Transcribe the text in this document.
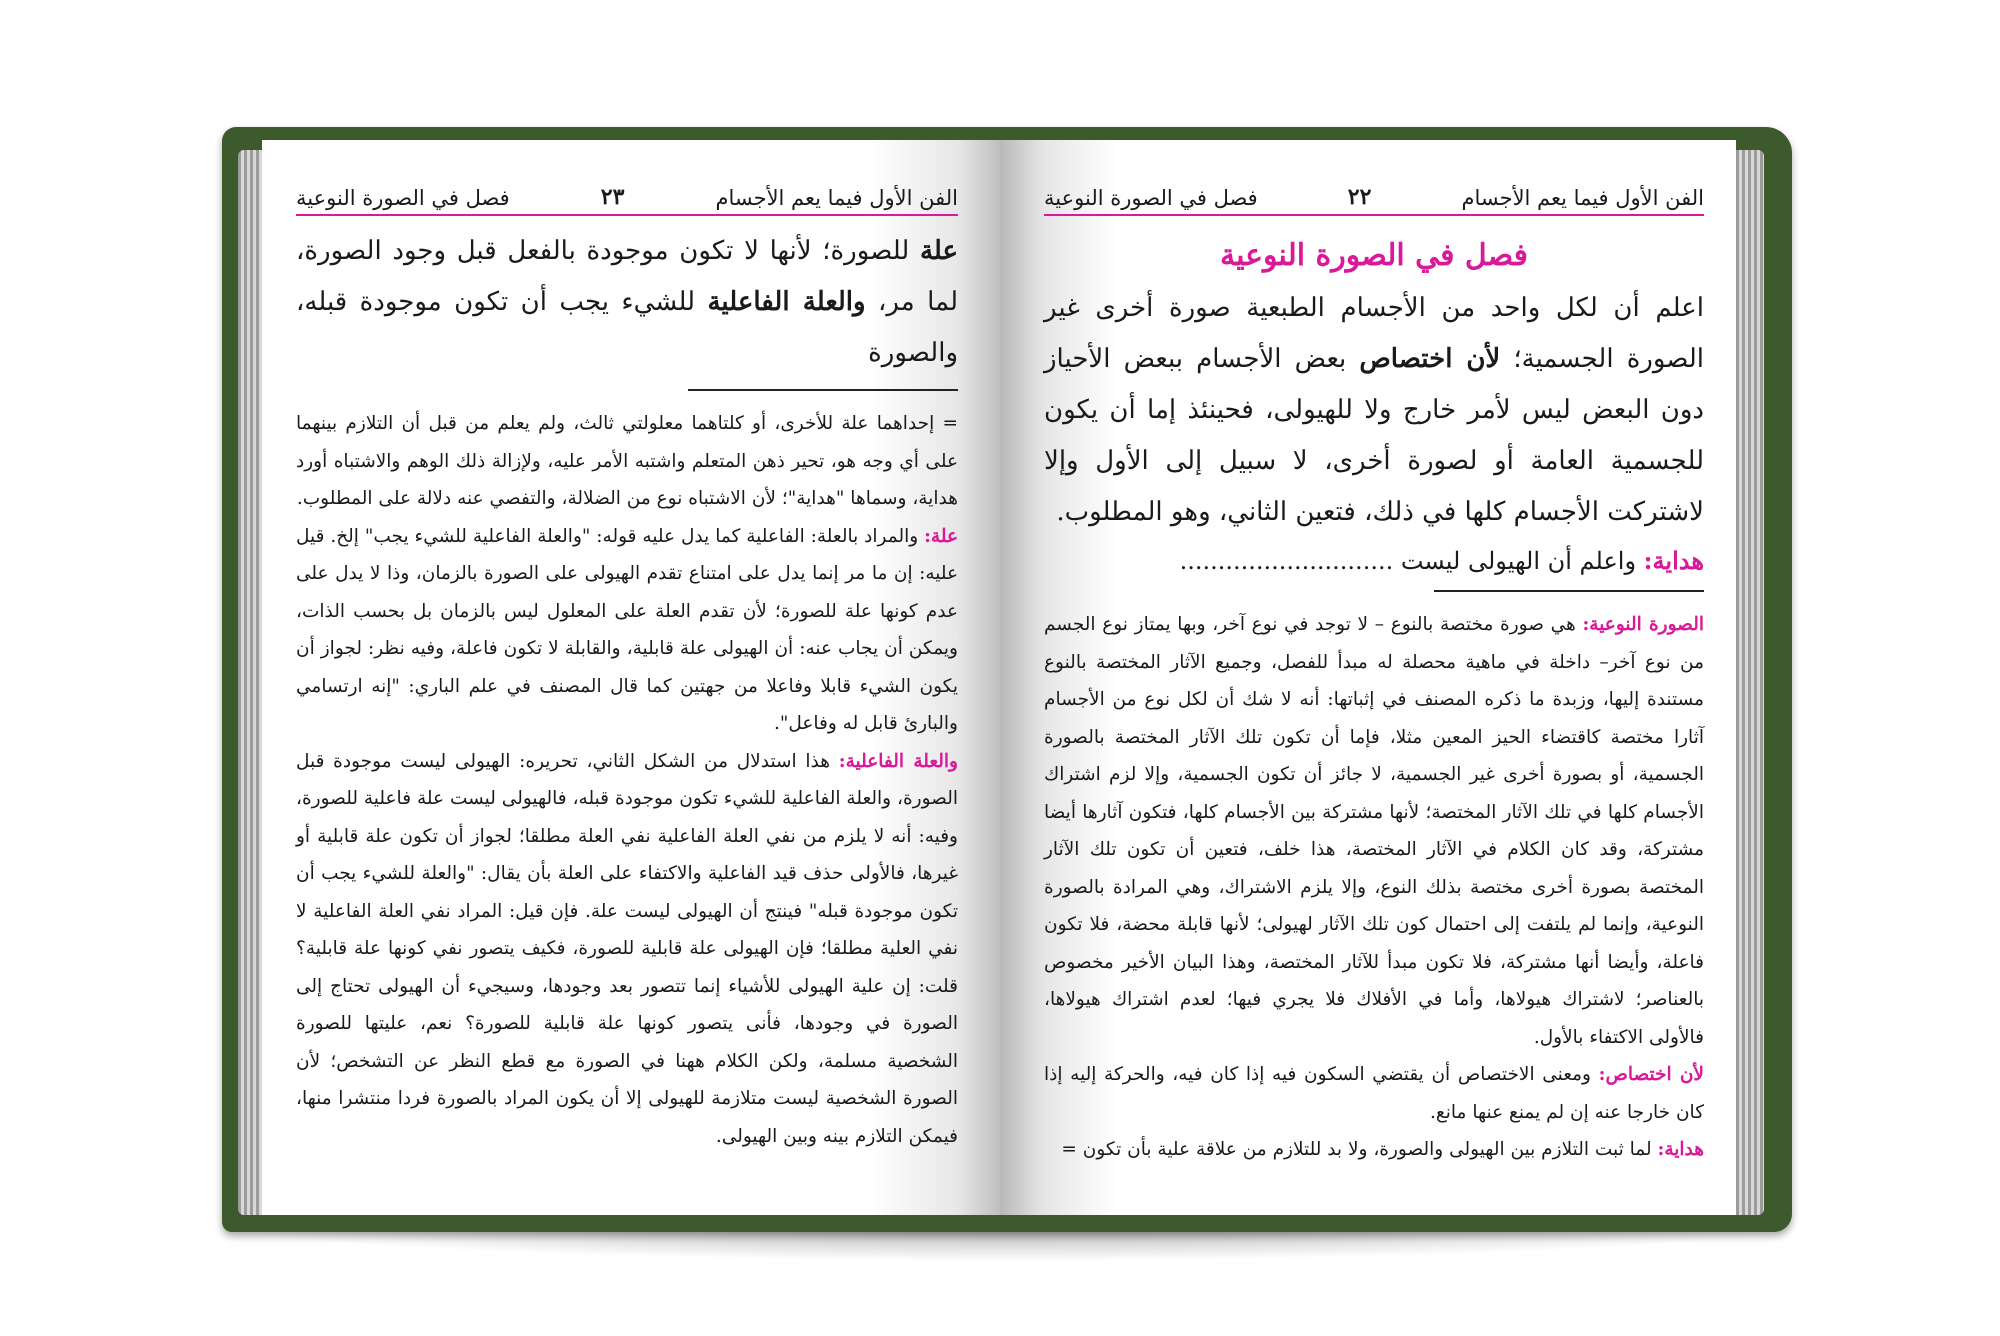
الفن الأول فيما يعم الأجسام
٢٣
فصل في الصورة النوعية
علة للصورة؛ لأنها لا تكون موجودة بالفعل قبل وجود الصورة، لما مر، والعلة الفاعلية للشيء يجب أن تكون موجودة قبله، والصورة

= إحداهما علة للأخرى، أو كلتاهما معلولتي ثالث، ولم يعلم من قبل أن التلازم بينهما على أي وجه هو، تحير ذهن المتعلم واشتبه الأمر عليه، ولإزالة ذلك الوهم والاشتباه أورد هداية، وسماها "هداية"؛ لأن الاشتباه نوع من الضلالة، والتفصي عنه دلالة على المطلوب.

علة: والمراد بالعلة: الفاعلية كما يدل عليه قوله: "والعلة الفاعلية للشيء يجب" إلخ. قيل عليه: إن ما مر إنما يدل على امتناع تقدم الهيولى على الصورة بالزمان، وذا لا يدل على عدم كونها علة للصورة؛ لأن تقدم العلة على المعلول ليس بالزمان بل بحسب الذات، ويمكن أن يجاب عنه: أن الهيولى علة قابلية، والقابلة لا تكون فاعلة، وفيه نظر: لجواز أن يكون الشيء قابلا وفاعلا من جهتين كما قال المصنف في علم الباري: "إنه ارتسامي والبارئ قابل له وفاعل".

والعلة الفاعلية: هذا استدلال من الشكل الثاني، تحريره: الهيولى ليست موجودة قبل الصورة، والعلة الفاعلية للشيء تكون موجودة قبله، فالهيولى ليست علة فاعلية للصورة، وفيه: أنه لا يلزم من نفي العلة الفاعلية نفي العلة مطلقا؛ لجواز أن تكون علة قابلية أو غيرها، فالأولى حذف قيد الفاعلية والاكتفاء على العلة بأن يقال: "والعلة للشيء يجب أن تكون موجودة قبله" فينتج أن الهيولى ليست علة. فإن قيل: المراد نفي العلة الفاعلية لا نفي العلية مطلقا؛ فإن الهيولى علة قابلية للصورة، فكيف يتصور نفي كونها علة قابلية؟ قلت: إن علية الهيولى للأشياء إنما تتصور بعد وجودها، وسيجيء أن الهيولى تحتاج إلى الصورة في وجودها، فأنى يتصور كونها علة قابلية للصورة؟ نعم، عليتها للصورة الشخصية مسلمة، ولكن الكلام ههنا في الصورة مع قطع النظر عن التشخص؛ لأن الصورة الشخصية ليست متلازمة للهيولى إلا أن يكون المراد بالصورة فردا منتشرا منها، فيمكن التلازم بينه وبين الهيولى.

الفن الأول فيما يعم الأجسام
٢٢
فصل في الصورة النوعية
فصل في الصورة النوعية
اعلم أن لكل واحد من الأجسام الطبعية صورة أخرى غير الصورة الجسمية؛ لأن اختصاص بعض الأجسام ببعض الأحياز دون البعض ليس لأمر خارج ولا للهيولى، فحينئذ إما أن يكون للجسمية العامة أو لصورة أخرى، لا سبيل إلى الأول وإلا لاشتركت الأجسام كلها في ذلك، فتعين الثاني، وهو المطلوب.
هداية: واعلم أن الهيولى ليست ............................

الصورة النوعية: هي صورة مختصة بالنوع – لا توجد في نوع آخر، وبها يمتاز نوع الجسم من نوع آخر– داخلة في ماهية محصلة له مبدأ للفصل، وجميع الآثار المختصة بالنوع مستندة إليها، وزبدة ما ذكره المصنف في إثباتها: أنه لا شك أن لكل نوع من الأجسام آثارا مختصة كاقتضاء الحيز المعين مثلا، فإما أن تكون تلك الآثار المختصة بالصورة الجسمية، أو بصورة أخرى غير الجسمية، لا جائز أن تكون الجسمية، وإلا لزم اشتراك الأجسام كلها في تلك الآثار المختصة؛ لأنها مشتركة بين الأجسام كلها، فتكون آثارها أيضا مشتركة، وقد كان الكلام في الآثار المختصة، هذا خلف، فتعين أن تكون تلك الآثار المختصة بصورة أخرى مختصة بذلك النوع، وإلا يلزم الاشتراك، وهي المرادة بالصورة النوعية، وإنما لم يلتفت إلى احتمال كون تلك الآثار لهيولى؛ لأنها قابلة محضة، فلا تكون فاعلة، وأيضا أنها مشتركة، فلا تكون مبدأ للآثار المختصة، وهذا البيان الأخير مخصوص بالعناصر؛ لاشتراك هيولاها، وأما في الأفلاك فلا يجري فيها؛ لعدم اشتراك هيولاها، فالأولى الاكتفاء بالأول.

لأن اختصاص: ومعنى الاختصاص أن يقتضي السكون فيه إذا كان فيه، والحركة إليه إذا كان خارجا عنه إن لم يمنع عنها مانع.

هداية: لما ثبت التلازم بين الهيولى والصورة، ولا بد للتلازم من علاقة علية بأن تكون =
